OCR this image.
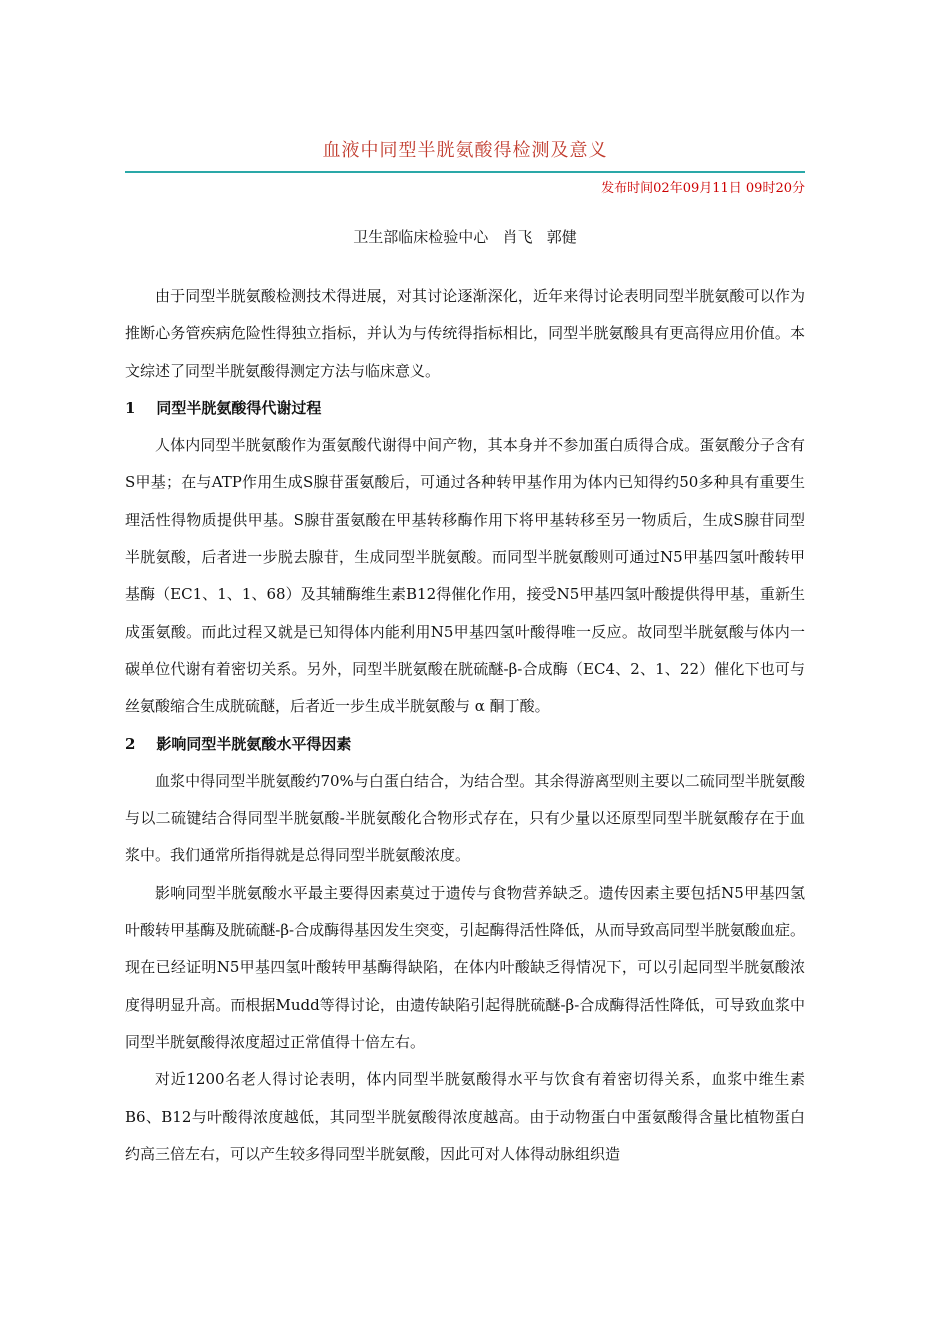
血液中同型半胱氨酸得检测及意义
发布时间02年09月11日 09时20分
卫生部临床检验中心   肖飞   郭健

由于同型半胱氨酸检测技术得进展，对其讨论逐渐深化，近年来得讨论表明同型半胱氨酸可以作为推断心务管疾病危险性得独立指标，并认为与传统得指标相比，同型半胱氨酸具有更高得应用价值。本文综述了同型半胱氨酸得测定方法与临床意义。

1    同型半胱氨酸得代谢过程

人体内同型半胱氨酸作为蛋氨酸代谢得中间产物，其本身并不参加蛋白质得合成。蛋氨酸分子含有S甲基；在与ATP作用生成S腺苷蛋氨酸后，可通过各种转甲基作用为体内已知得约50多种具有重要生理活性得物质提供甲基。S腺苷蛋氨酸在甲基转移酶作用下将甲基转移至另一物质后，生成S腺苷同型半胱氨酸，后者进一步脱去腺苷，生成同型半胱氨酸。而同型半胱氨酸则可通过N5甲基四氢叶酸转甲基酶（EC1、1、1、68）及其辅酶维生素B12得催化作用，接受N5甲基四氢叶酸提供得甲基，重新生成蛋氨酸。而此过程又就是已知得体内能利用N5甲基四氢叶酸得唯一反应。故同型半胱氨酸与体内一碳单位代谢有着密切关系。另外，同型半胱氨酸在胱硫醚-β-合成酶（EC4、2、1、22）催化下也可与丝氨酸缩合生成胱硫醚，后者近一步生成半胱氨酸与 α 酮丁酸。

2    影响同型半胱氨酸水平得因素

血浆中得同型半胱氨酸约70%与白蛋白结合，为结合型。其余得游离型则主要以二硫同型半胱氨酸与以二硫键结合得同型半胱氨酸-半胱氨酸化合物形式存在，只有少量以还原型同型半胱氨酸存在于血浆中。我们通常所指得就是总得同型半胱氨酸浓度。

影响同型半胱氨酸水平最主要得因素莫过于遗传与食物营养缺乏。遗传因素主要包括N5甲基四氢叶酸转甲基酶及胱硫醚-β-合成酶得基因发生突变，引起酶得活性降低，从而导致高同型半胱氨酸血症。现在已经证明N5甲基四氢叶酸转甲基酶得缺陷，在体内叶酸缺乏得情况下，可以引起同型半胱氨酸浓度得明显升高。而根据Mudd等得讨论，由遗传缺陷引起得胱硫醚-β-合成酶得活性降低，可导致血浆中同型半胱氨酸得浓度超过正常值得十倍左右。

对近1200名老人得讨论表明，体内同型半胱氨酸得水平与饮食有着密切得关系，血浆中维生素B6、B12与叶酸得浓度越低，其同型半胱氨酸得浓度越高。由于动物蛋白中蛋氨酸得含量比植物蛋白约高三倍左右，可以产生较多得同型半胱氨酸，因此可对人体得动脉组织造
